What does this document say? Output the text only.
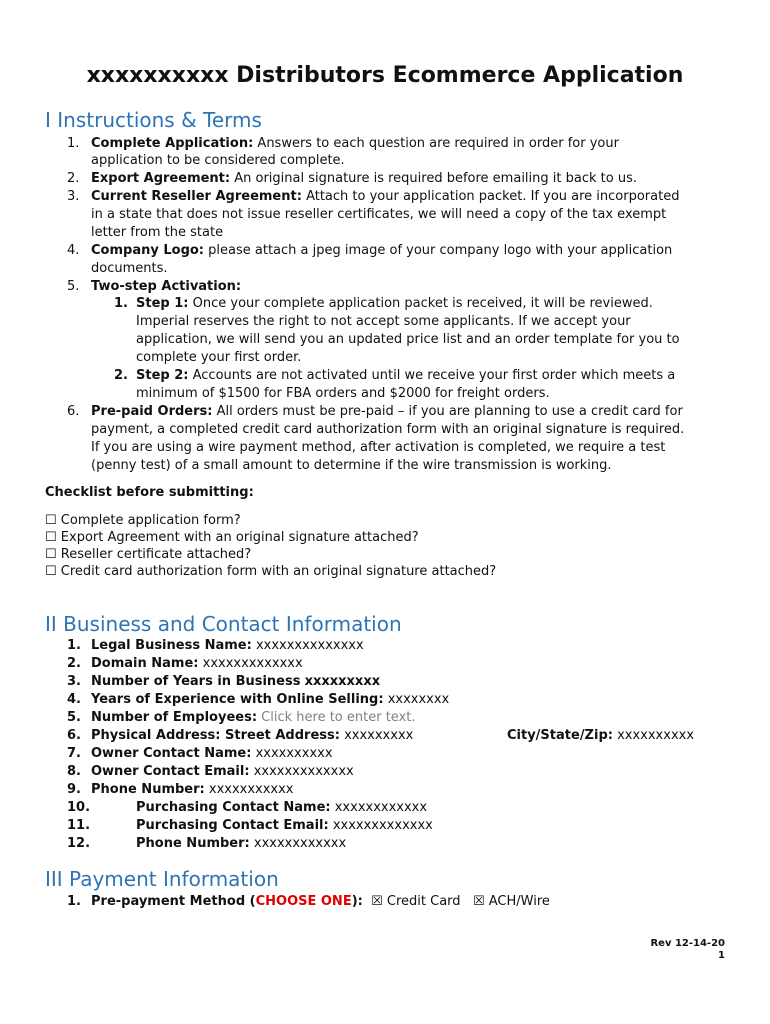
xxxxxxxxxx Distributors Ecommerce Application
I Instructions & Terms
1. Complete Application: Answers to each question are required in order for your
application to be considered complete.
2. Export Agreement: An original signature is required before emailing it back to us.
3. Current Reseller Agreement: Attach to your application packet. If you are incorporated
in a state that does not issue reseller certificates, we will need a copy of the tax exempt
letter from the state
4. Company Logo: please attach a jpeg image of your company logo with your application
documents.
5. Two-step Activation:
1. Step 1: Once your complete application packet is received, it will be reviewed.
Imperial reserves the right to not accept some applicants. If we accept your
application, we will send you an updated price list and an order template for you to
complete your first order.
2. Step 2: Accounts are not activated until we receive your first order which meets a
minimum of $1500 for FBA orders and $2000 for freight orders.
6. Pre-paid Orders: All orders must be pre-paid – if you are planning to use a credit card for
payment, a completed credit card authorization form with an original signature is required.
If you are using a wire payment method, after activation is completed, we require a test
(penny test) of a small amount to determine if the wire transmission is working.
Checklist before submitting:
☐ Complete application form?
☐ Export Agreement with an original signature attached?
☐ Reseller certificate attached?
☐ Credit card authorization form with an original signature attached?
II Business and Contact Information
1. Legal Business Name: xxxxxxxxxxxxxx
2. Domain Name: xxxxxxxxxxxxx
3. Number of Years in Business xxxxxxxxx
4. Years of Experience with Online Selling: xxxxxxxx
5. Number of Employees: Click here to enter text.
6. Physical Address: Street Address: xxxxxxxxx	City/State/Zip: xxxxxxxxxx
7. Owner Contact Name: xxxxxxxxxx
8. Owner Contact Email: xxxxxxxxxxxxx
9. Phone Number: xxxxxxxxxxx
10.	Purchasing Contact Name: xxxxxxxxxxxx
11.	Purchasing Contact Email: xxxxxxxxxxxxx
12.	Phone Number: xxxxxxxxxxxx
III Payment Information
1. Pre-payment Method (CHOOSE ONE): ☒ Credit Card ☒ ACH/Wire
Rev 12-14-20
1
